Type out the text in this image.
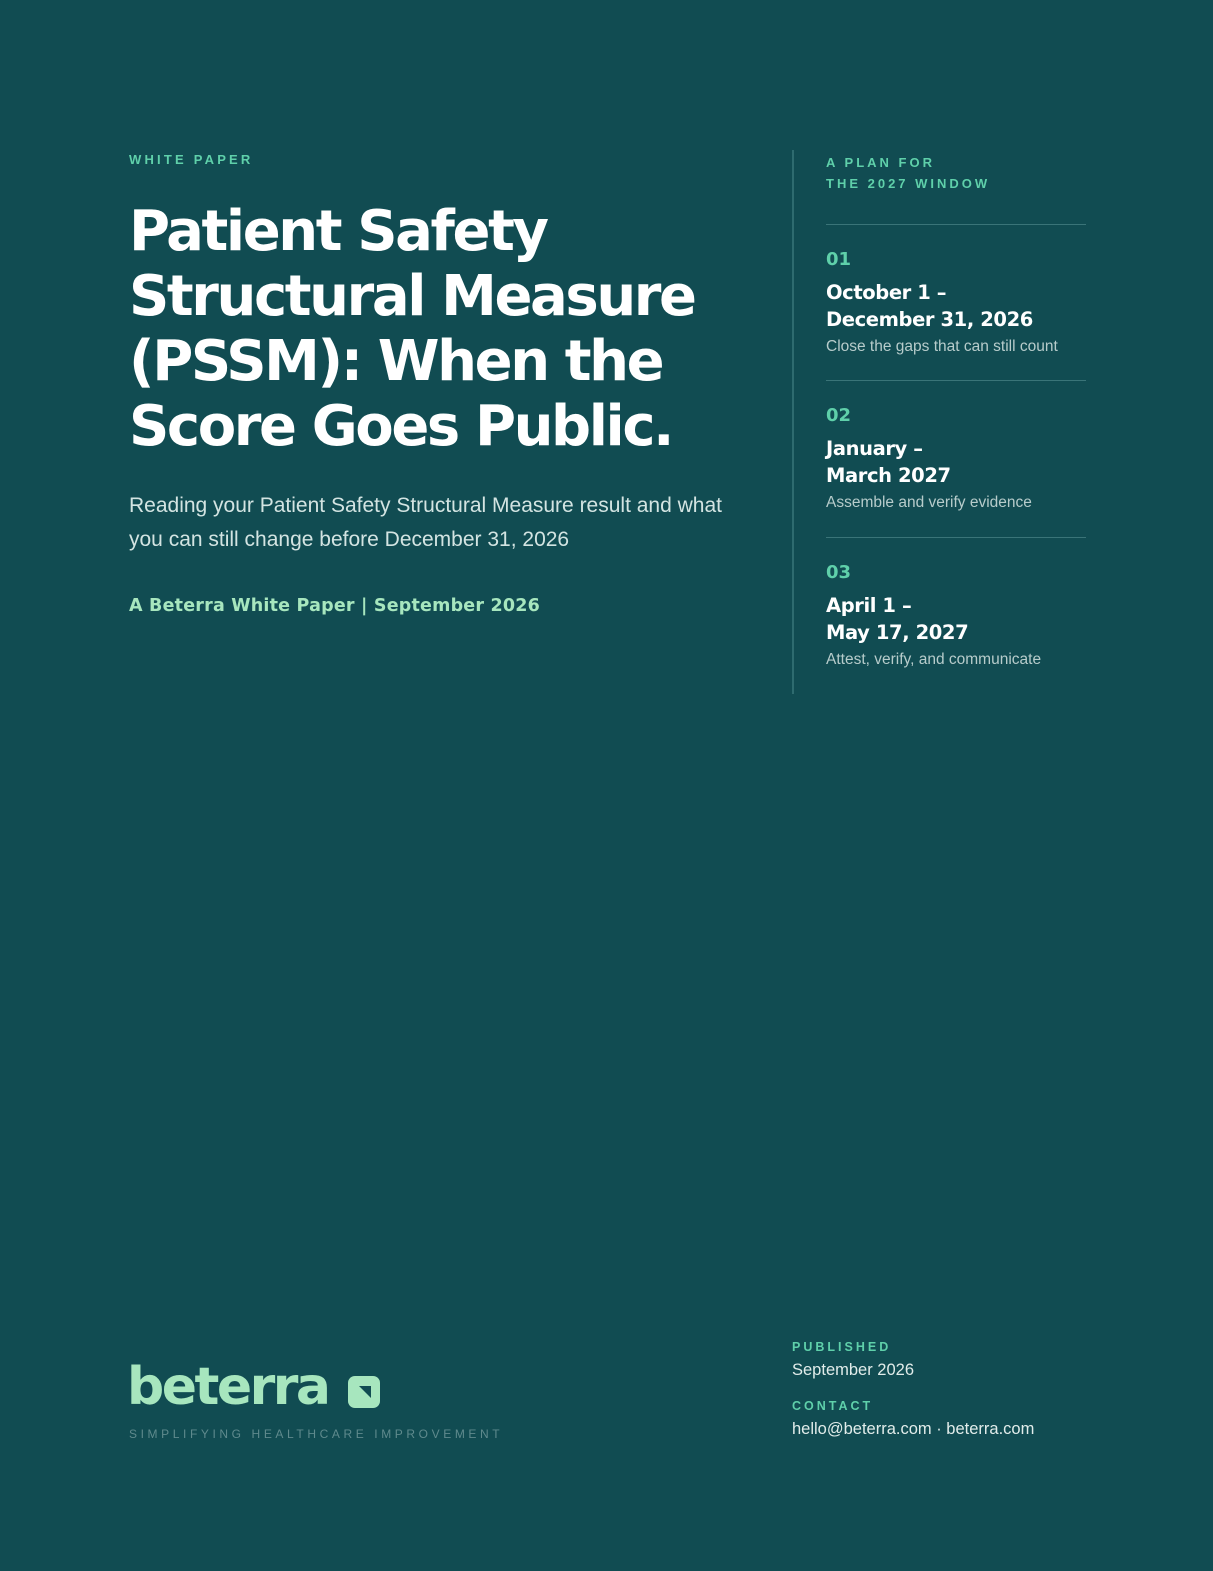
WHITE PAPER

Patient Safety Structural Measure (PSSM): When the Score Goes Public.

Reading your Patient Safety Structural Measure result and what you can still change before December 31, 2026

A Beterra White Paper | September 2026

A PLAN FOR
THE 2027 WINDOW
01
October 1 –
December 31, 2026
Close the gaps that can still count
02
January –
March 2027
Assemble and verify evidence
03
April 1 –
May 17, 2027
Attest, verify, and communicate
beterra

SIMPLIFYING HEALTHCARE IMPROVEMENT

PUBLISHED
September 2026
CONTACT
hello@beterra.com · beterra.com
